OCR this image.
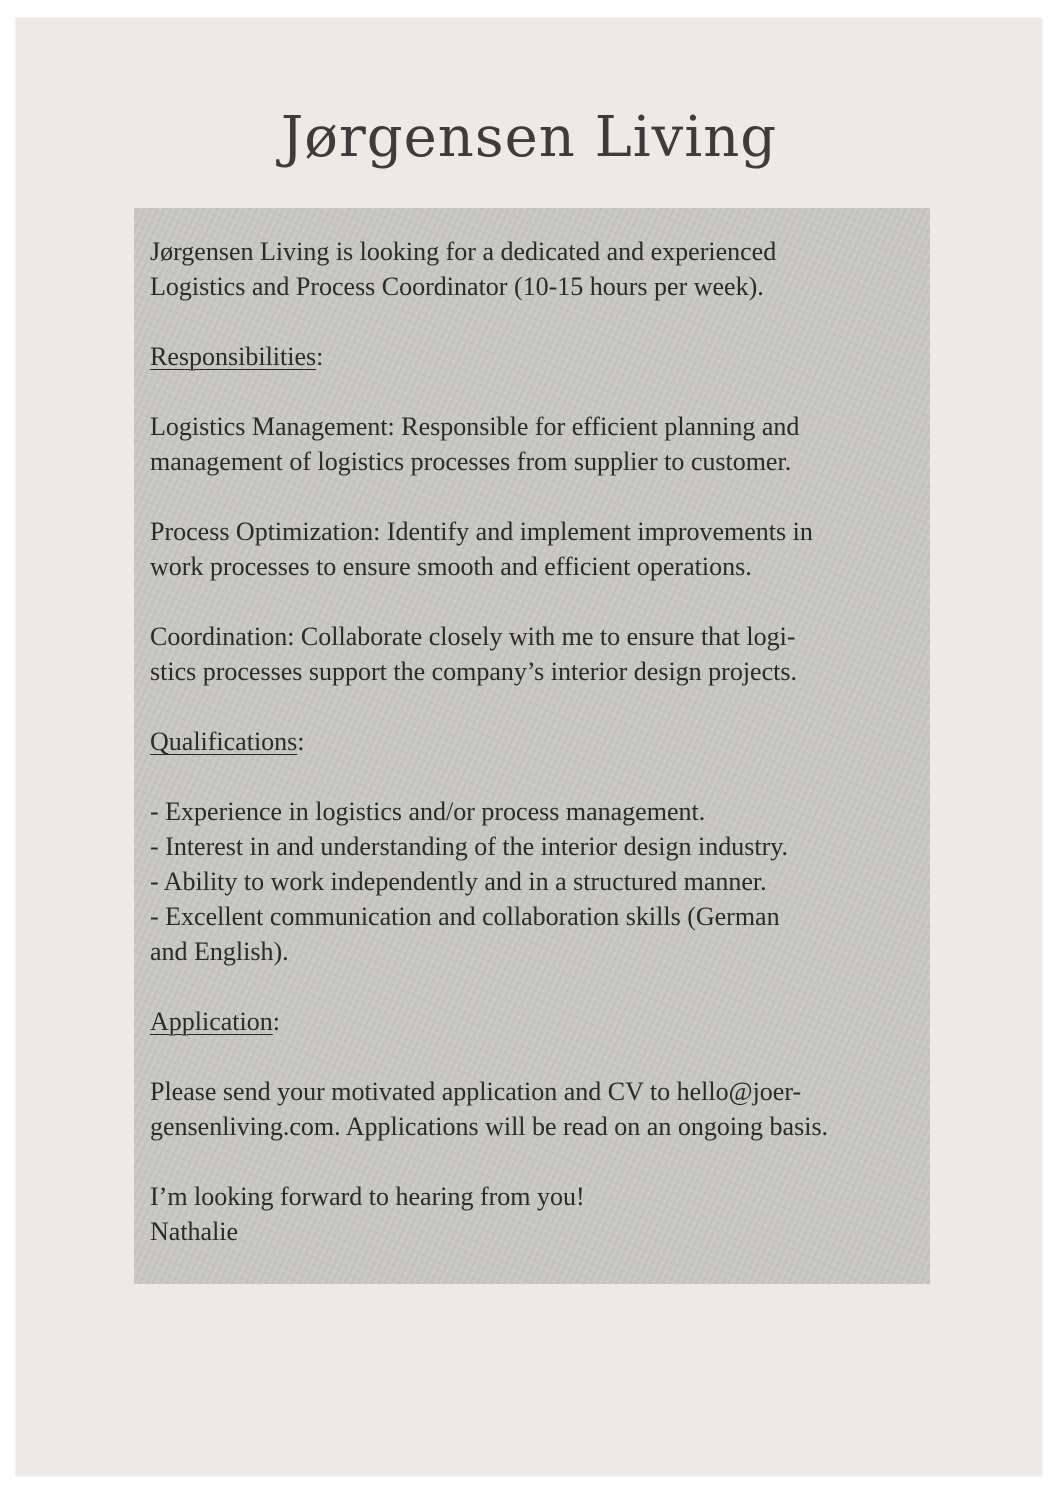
Jørgensen Living

Jørgensen Living is looking for a dedicated and experienced
Logistics and Process Coordinator (10-15 hours per week).

Responsibilities:

Logistics Management: Responsible for efficient planning and
management of logistics processes from supplier to customer.

Process Optimization: Identify and implement improvements in
work processes to ensure smooth and efficient operations.

Coordination: Collaborate closely with me to ensure that logi-
stics processes support the company’s interior design projects.

Qualifications:

- Experience in logistics and/or process management.
- Interest in and understanding of the interior design industry.
- Ability to work independently and in a structured manner.
- Excellent communication and collaboration skills (German
and English).

Application:

Please send your motivated application and CV to hello@joer-
gensenliving.com. Applications will be read on an ongoing basis.

I’m looking forward to hearing from you!
Nathalie
